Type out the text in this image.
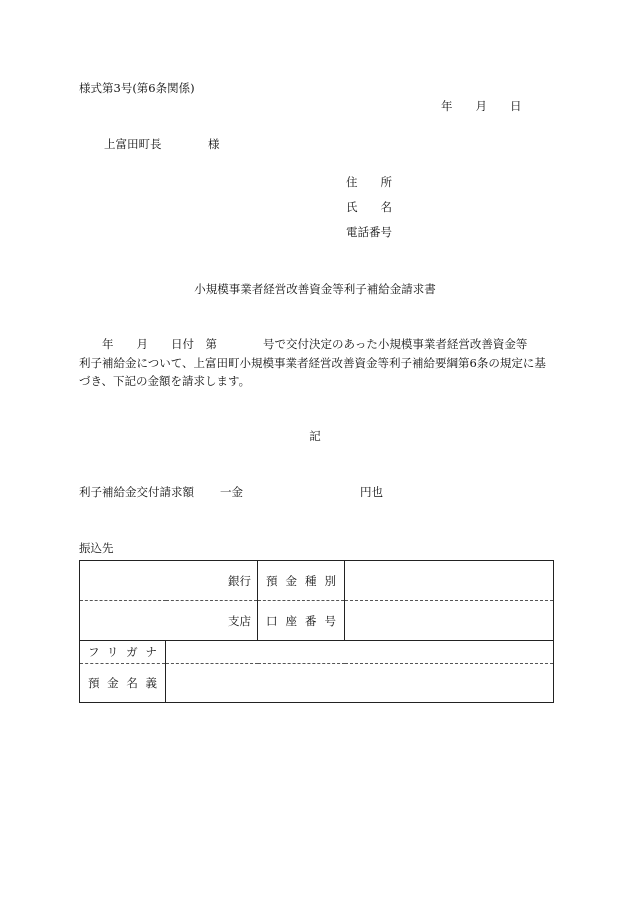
様式第3号(第6条関係)
年　　月　　日
上富田町長	様
住　　所
氏　　名
電話番号
小規模事業者経営改善資金等利子補給金請求書
　　年　　月　　日付　第　　　　号で交付決定のあった小規模事業者経営改善資金等
利子補給金について、上富田町小規模事業者経営改善資金等利子補給要綱第6条の規定に基
づき、下記の金額を請求します。
記
利子補給金交付請求額 一金	円也
振込先
銀行		預金種別	
支店		口座番号	
フリガナ			
預金名義			
